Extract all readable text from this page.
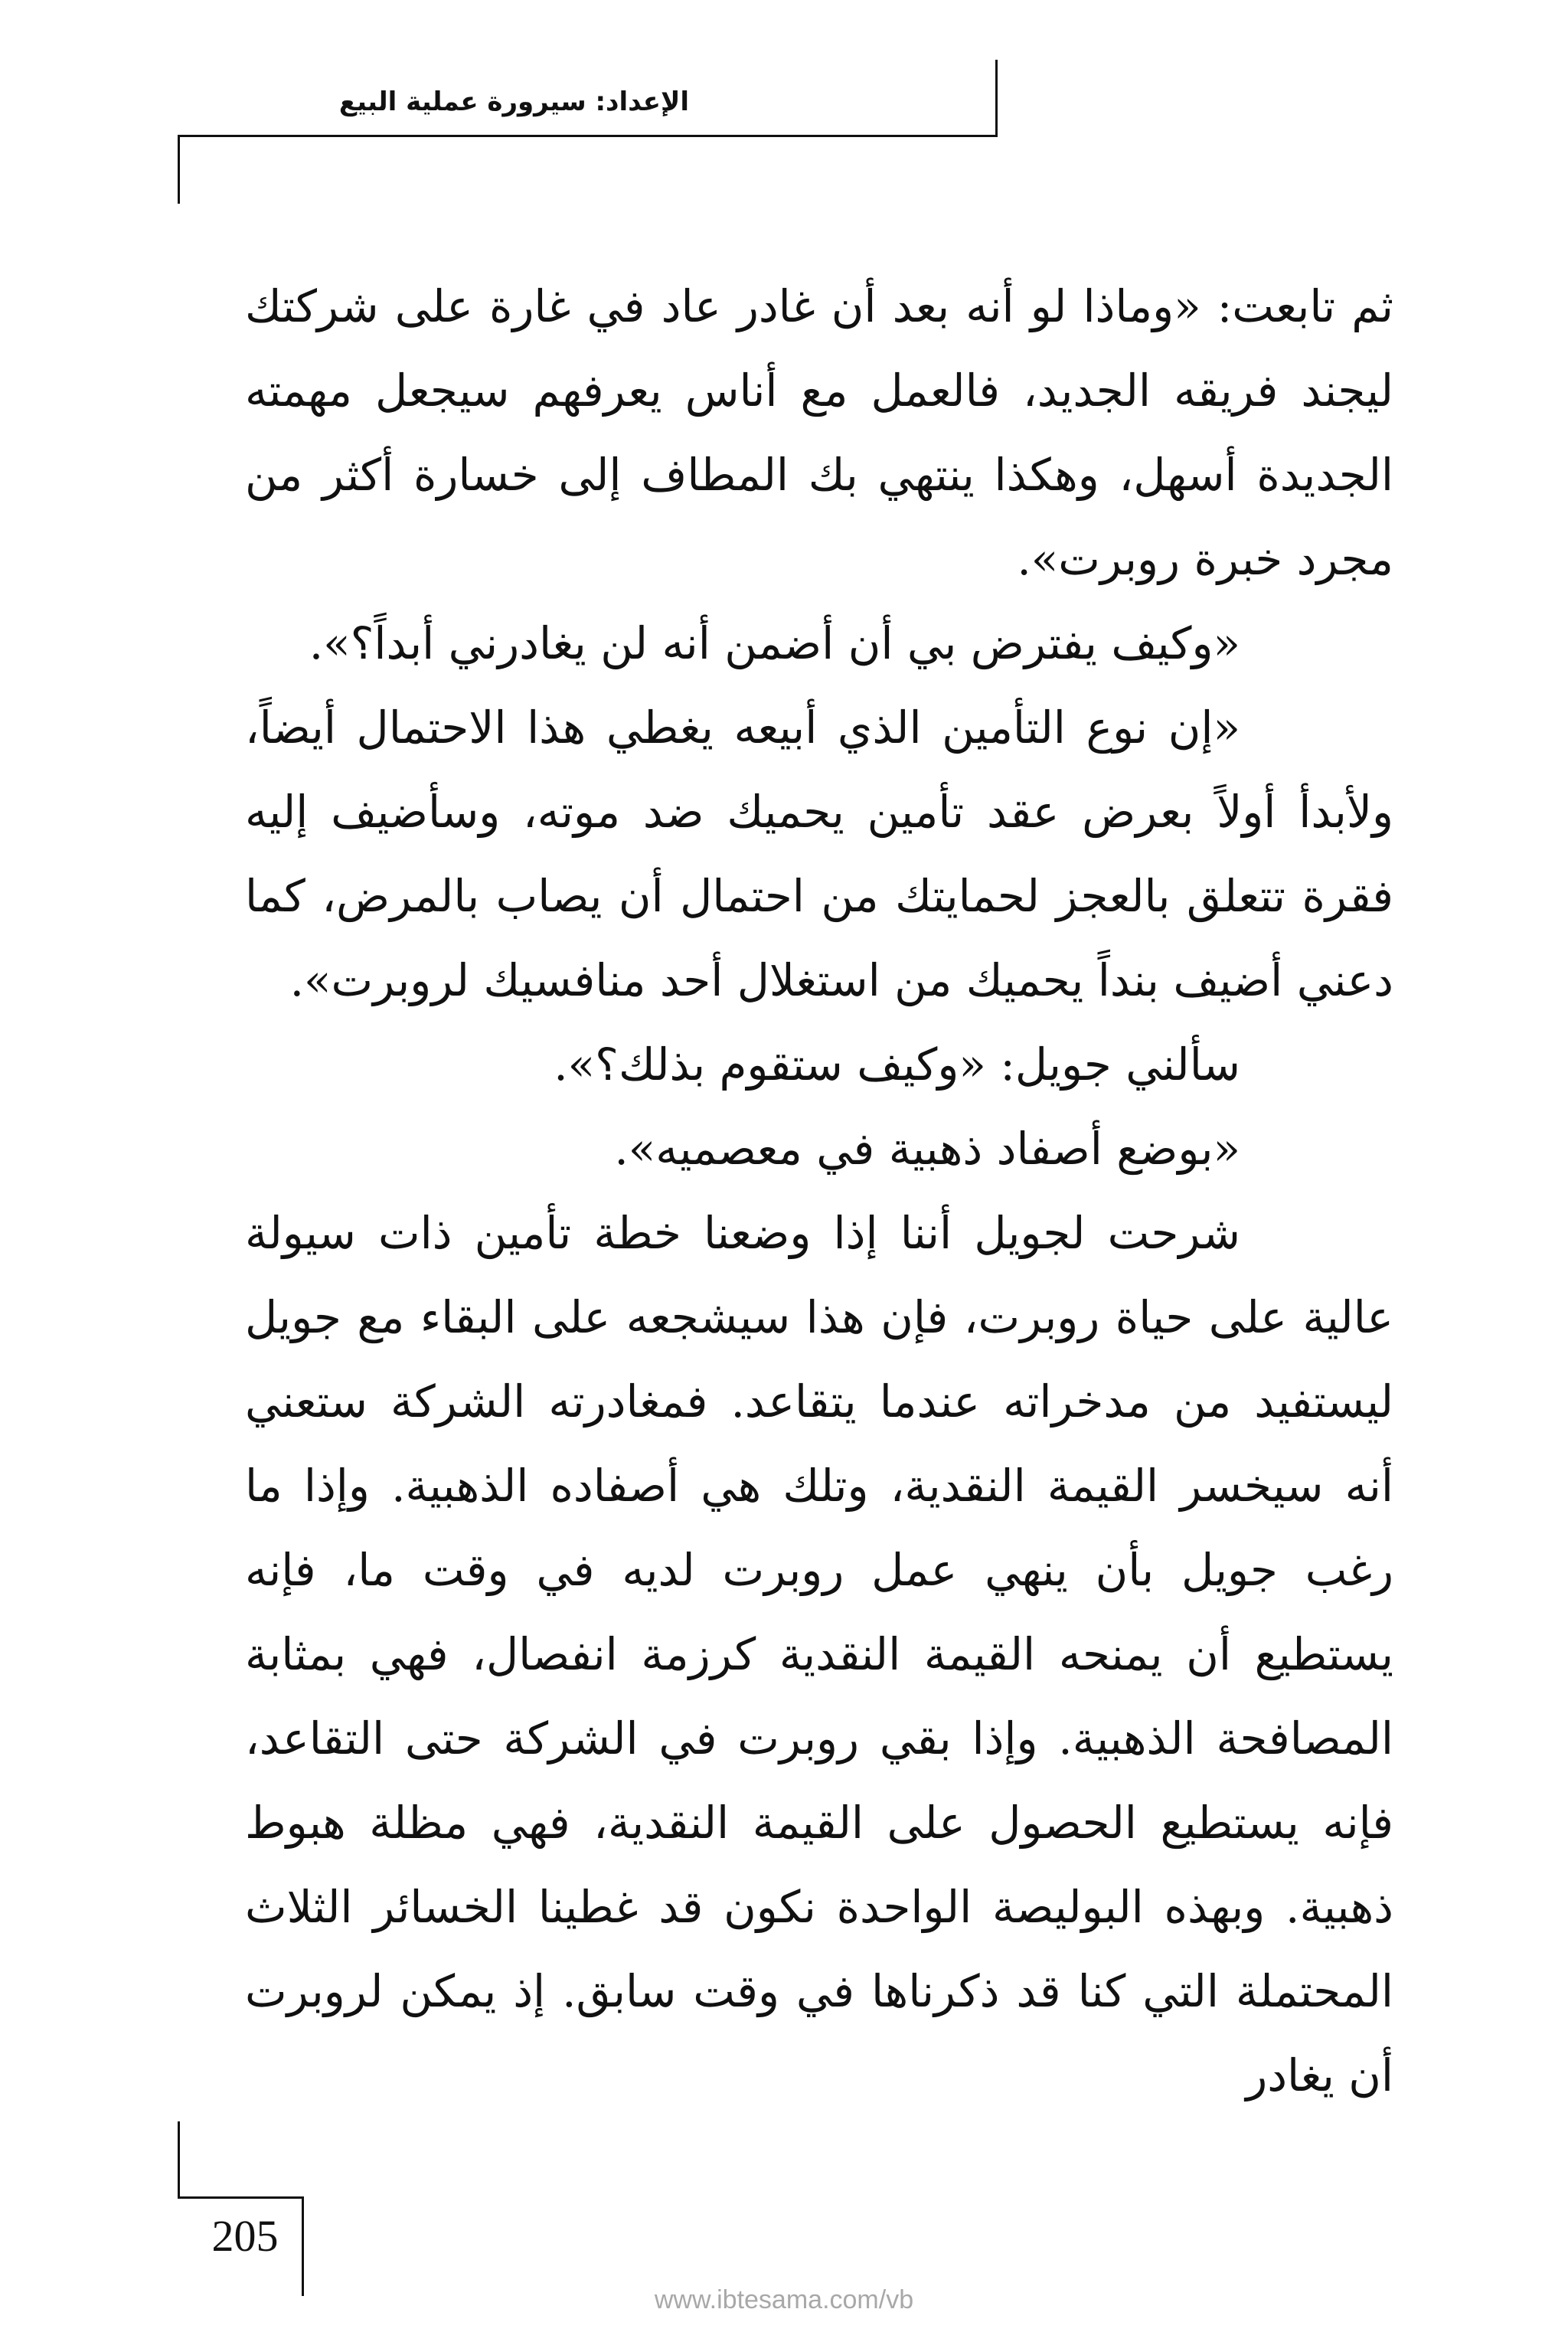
الإعداد: سيرورة عملية البيع

ثم تابعت: «وماذا لو أنه بعد أن غادر عاد في غارة على شركتك ليجند فريقه الجديد، فالعمل مع أناس يعرفهم سيجعل مهمته الجديدة أسهل، وهكذا ينتهي بك المطاف إلى خسارة أكثر من مجرد خبرة روبرت».

«وكيف يفترض بي أن أضمن أنه لن يغادرني أبداً؟».

«إن نوع التأمين الذي أبيعه يغطي هذا الاحتمال أيضاً، ولأبدأ أولاً بعرض عقد تأمين يحميك ضد موته، وسأضيف إليه فقرة تتعلق بالعجز لحمايتك من احتمال أن يصاب بالمرض، كما دعني أضيف بنداً يحميك من استغلال أحد منافسيك لروبرت».

سألني جويل: «وكيف ستقوم بذلك؟».

«بوضع أصفاد ذهبية في معصميه».

شرحت لجويل أننا إذا وضعنا خطة تأمين ذات سيولة عالية على حياة روبرت، فإن هذا سيشجعه على البقاء مع جويل ليستفيد من مدخراته عندما يتقاعد. فمغادرته الشركة ستعني أنه سيخسر القيمة النقدية، وتلك هي أصفاده الذهبية. وإذا ما رغب جويل بأن ينهي عمل روبرت لديه في وقت ما، فإنه يستطيع أن يمنحه القيمة النقدية كرزمة انفصال، فهي بمثابة المصافحة الذهبية. وإذا بقي روبرت في الشركة حتى التقاعد، فإنه يستطيع الحصول على القيمة النقدية، فهي مظلة هبوط ذهبية. وبهذه البوليصة الواحدة نكون قد غطينا الخسائر الثلاث المحتملة التي كنا قد ذكرناها في وقت سابق. إذ يمكن لروبرت أن يغادر

205
www.ibtesama.com/vb
